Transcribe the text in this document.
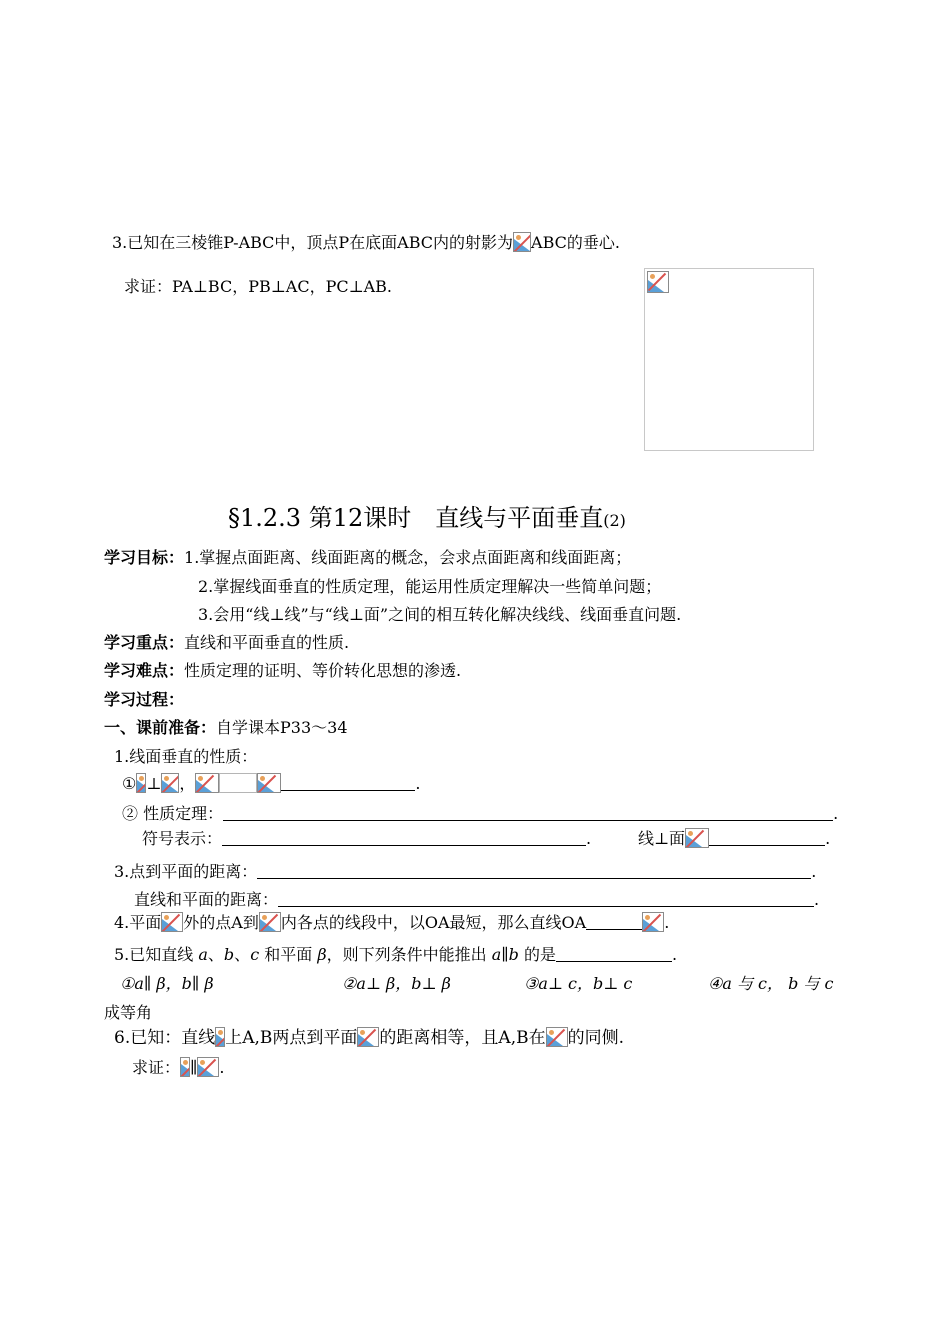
3.已知在三棱锥P-ABC中，顶点P在底面ABC内的射影为 ABC的垂心.
求证：PA⊥BC，PB⊥AC，PC⊥AB.
§1.2.3 第12课时　直线与平面垂直(2)
学习目标：1.掌握点面距离、线面距离的概念，会求点面距离和线面距离；
2.掌握线面垂直的性质定理，能运用性质定理解决一些简单问题；
3.会用“线⊥线”与“线⊥面”之间的相互转化解决线线、线面垂直问题.
学习重点：直线和平面垂直的性质.
学习难点：性质定理的证明、等价转化思想的渗透.
学习过程：
一、课前准备：自学课本P33～34
1.线面垂直的性质：
① ⊥ ，	.
② 性质定理：	.
符号表示：	.	线⊥面	.
3.点到平面的距离：	.
直线和平面的距离：	.
4.平面 外的点A到 内各点的线段中，以OA最短，那么直线OA	.
5.已知直线 a、b、c 和平面 β，则下列条件中能推出 a∥b 的是	.
①a∥ β，b∥ β	②a⊥ β，b⊥ β	③a⊥ c，b⊥ c	④a 与 c， b 与 c
成等角
6.已知：直线 上A,B两点到平面 的距离相等，且A,B在 的同侧.
求证： ∥ .
